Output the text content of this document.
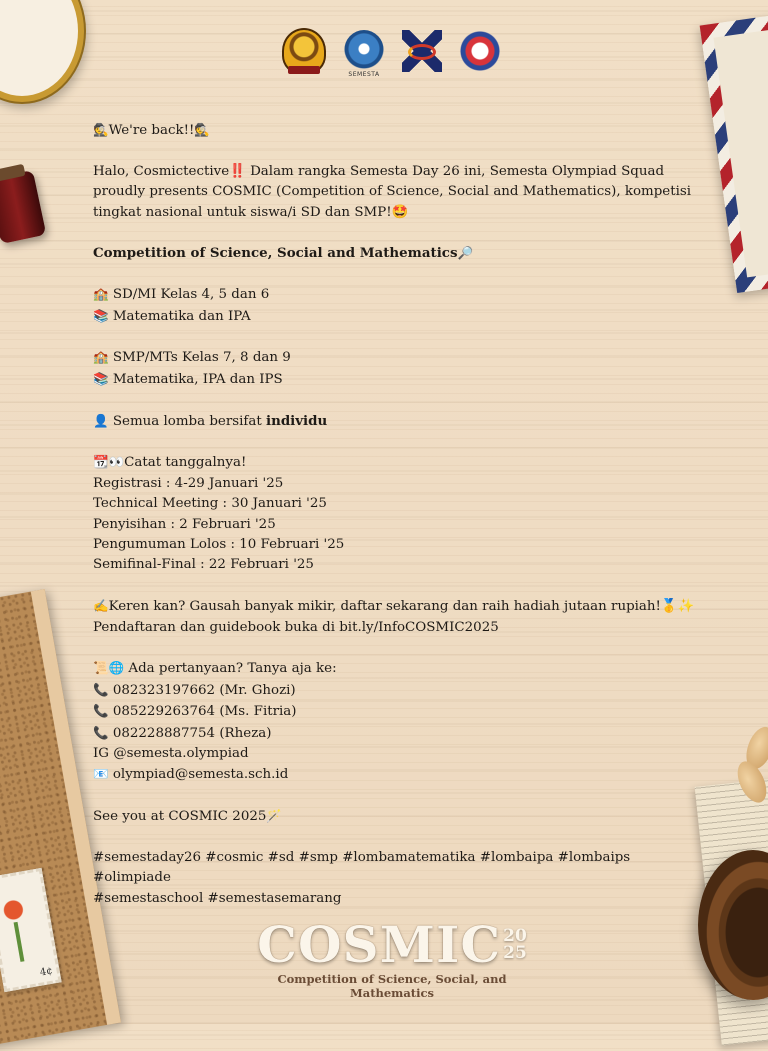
4¢
SEMESTA
🕵️We're back!!🕵️
Halo, Cosmictective‼️ Dalam rangka Semesta Day 26 ini, Semesta Olympiad Squad proudly presents COSMIC (Competition of Science, Social and Mathematics), kompetisi tingkat nasional untuk siswa/i SD dan SMP!🤩
Competition of Science, Social and Mathematics🔎
🏫 SD/MI Kelas 4, 5 dan 6
📚 Matematika dan IPA
🏫 SMP/MTs Kelas 7, 8 dan 9
📚 Matematika, IPA dan IPS
👤 Semua lomba bersifat individu
📆👀Catat tanggalnya!
Registrasi : 4-29 Januari '25
Technical Meeting : 30 Januari '25
Penyisihan : 2 Februari '25
Pengumuman Lolos : 10 Februari '25
Semifinal-Final : 22 Februari '25
✍️Keren kan? Gausah banyak mikir, daftar sekarang dan raih hadiah jutaan rupiah!🥇✨
Pendaftaran dan guidebook buka di bit.ly/InfoCOSMIC2025
📜🌐 Ada pertanyaan? Tanya aja ke:
📞 082323197662 (Mr. Ghozi)
📞 085229263764 (Ms. Fitria)
📞 082228887754 (Rheza)
IG @semesta.olympiad
📧 olympiad@semesta.sch.id
See you at COSMIC 2025🪄
#semestaday26 #cosmic #sd #smp #lombamatematika #lombaipa #lombaips #olimpiade
#semestaschool #semestasemarang
COSMIC 20
25
Competition of Science, Social, and Mathematics
